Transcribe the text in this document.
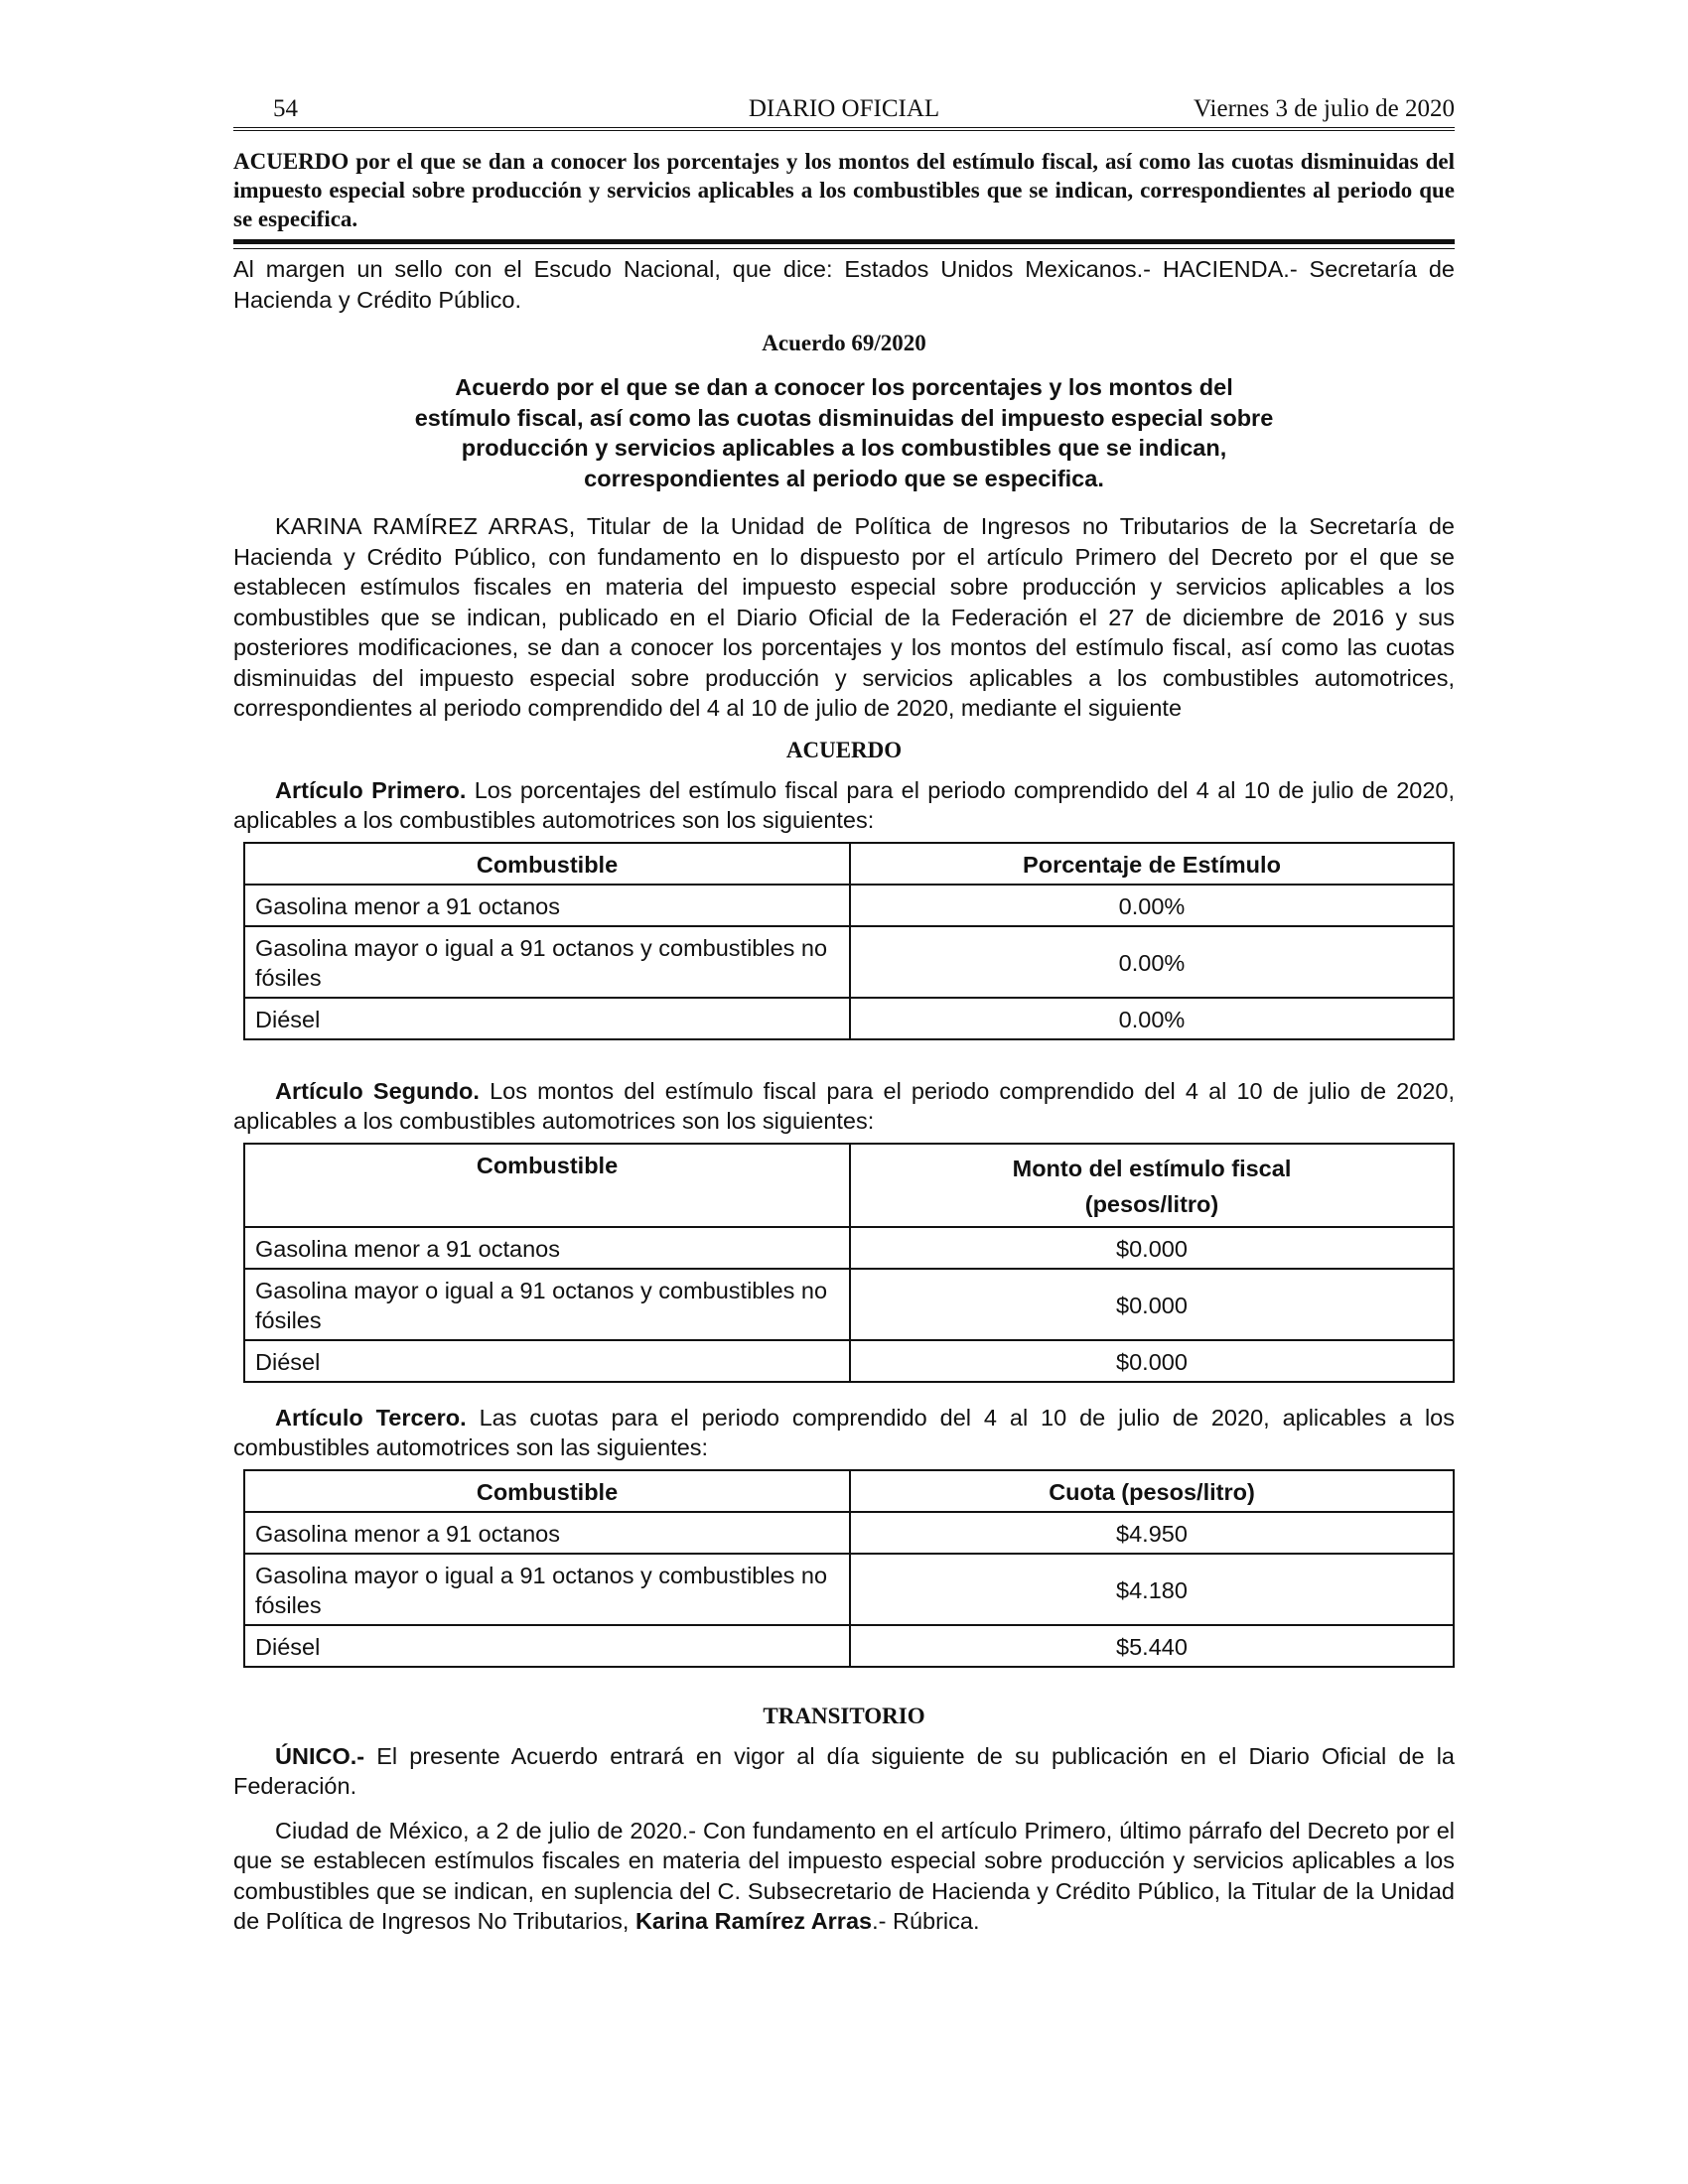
54	DIARIO OFICIAL	Viernes 3 de julio de 2020

ACUERDO por el que se dan a conocer los porcentajes y los montos del estímulo fiscal, así como las cuotas disminuidas del impuesto especial sobre producción y servicios aplicables a los combustibles que se indican, correspondientes al periodo que se especifica.

Al margen un sello con el Escudo Nacional, que dice: Estados Unidos Mexicanos.- HACIENDA.- Secretaría de Hacienda y Crédito Público.

Acuerdo 69/2020

Acuerdo por el que se dan a conocer los porcentajes y los montos del estímulo fiscal, así como las cuotas disminuidas del impuesto especial sobre producción y servicios aplicables a los combustibles que se indican, correspondientes al periodo que se especifica.

KARINA RAMÍREZ ARRAS, Titular de la Unidad de Política de Ingresos no Tributarios de la Secretaría de Hacienda y Crédito Público, con fundamento en lo dispuesto por el artículo Primero del Decreto por el que se establecen estímulos fiscales en materia del impuesto especial sobre producción y servicios aplicables a los combustibles que se indican, publicado en el Diario Oficial de la Federación el 27 de diciembre de 2016 y sus posteriores modificaciones, se dan a conocer los porcentajes y los montos del estímulo fiscal, así como las cuotas disminuidas del impuesto especial sobre producción y servicios aplicables a los combustibles automotrices, correspondientes al periodo comprendido del 4 al 10 de julio de 2020, mediante el siguiente

ACUERDO

Artículo Primero. Los porcentajes del estímulo fiscal para el periodo comprendido del 4 al 10 de julio de 2020, aplicables a los combustibles automotrices son los siguientes:

Combustible	Porcentaje de Estímulo
Gasolina menor a 91 octanos	0.00%
Gasolina mayor o igual a 91 octanos y combustibles no fósiles	0.00%
Diésel	0.00%

Artículo Segundo. Los montos del estímulo fiscal para el periodo comprendido del 4 al 10 de julio de 2020, aplicables a los combustibles automotrices son los siguientes:

Combustible	Monto del estímulo fiscal
(pesos/litro)
Gasolina menor a 91 octanos	$0.000
Gasolina mayor o igual a 91 octanos y combustibles no fósiles	$0.000
Diésel	$0.000

Artículo Tercero. Las cuotas para el periodo comprendido del 4 al 10 de julio de 2020, aplicables a los combustibles automotrices son las siguientes:

Combustible	Cuota (pesos/litro)
Gasolina menor a 91 octanos	$4.950
Gasolina mayor o igual a 91 octanos y combustibles no fósiles	$4.180
Diésel	$5.440
TRANSITORIO

ÚNICO.- El presente Acuerdo entrará en vigor al día siguiente de su publicación en el Diario Oficial de la Federación.

Ciudad de México, a 2 de julio de 2020.- Con fundamento en el artículo Primero, último párrafo del Decreto por el que se establecen estímulos fiscales en materia del impuesto especial sobre producción y servicios aplicables a los combustibles que se indican, en suplencia del C. Subsecretario de Hacienda y Crédito Público, la Titular de la Unidad de Política de Ingresos No Tributarios, Karina Ramírez Arras.- Rúbrica.
